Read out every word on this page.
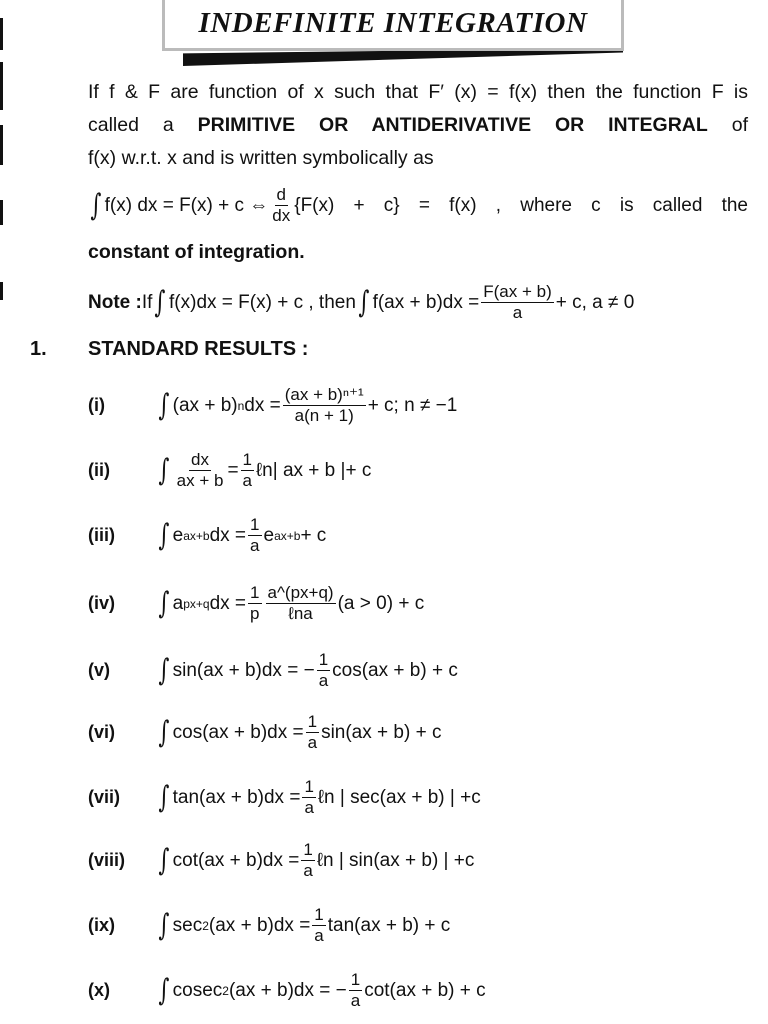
INDEFINITE INTEGRATION
If f & F are function of x such that F′ (x) = f(x) then the function F is
called a PRIMITIVE OR ANTIDERIVATIVE OR INTEGRAL of
f(x) w.r.t. x and is written symbolically as
∫ f(x) dx = F(x) + c ⇔ $\frac{d}{dx} \{F(x) + c\} = f(x)$ , where c is called the
constant of integration.
Note : If ∫ f(x)dx = F(x) + c , then ∫ $f(ax + b)dx = \frac{F(ax + b)}{a} + c$, a ≠ 0
1. STANDARD RESULTS :
(i)	∫ (ax + b) n dx = $\frac{\text{(ax + b)ⁿ⁺¹}}{a(n + 1)} + c$; n ≠ −1
(ii)	∫ $\frac{dx}{ax + b} = \frac{1}{a}$ ℓn| ax + b |+ c
(iii)	∫ e ax+b dx = $\frac{1}{a}$ e ax+b + c
(iv)	∫ a px+q dx = $\frac{1}{p} \frac{a\^{}(px+q)}{\text{ℓna}} (a > 0) + c$
(v)	∫ sin(ax + b)dx = − $\frac{1}{a} \cos(ax + b) + c$
(vi)	∫ $\cos(ax + b)dx = \frac{1}{a} \sin(ax + b) + c$
(vii)	∫ $\tan(ax + b)dx = \frac{1}{a}$ ℓn | sec(ax + b) | +c
(viii)	∫ $\cot(ax + b)dx = \frac{1}{a}$ ℓn | sin(ax + b) | +c
(ix)	∫ sec 2 $(ax + b)dx = \frac{1}{a} \tan(ax + b) + c$
(x)	∫ cosec 2 (ax + b)dx = − $\frac{1}{a} \cot(ax + b) + c$
